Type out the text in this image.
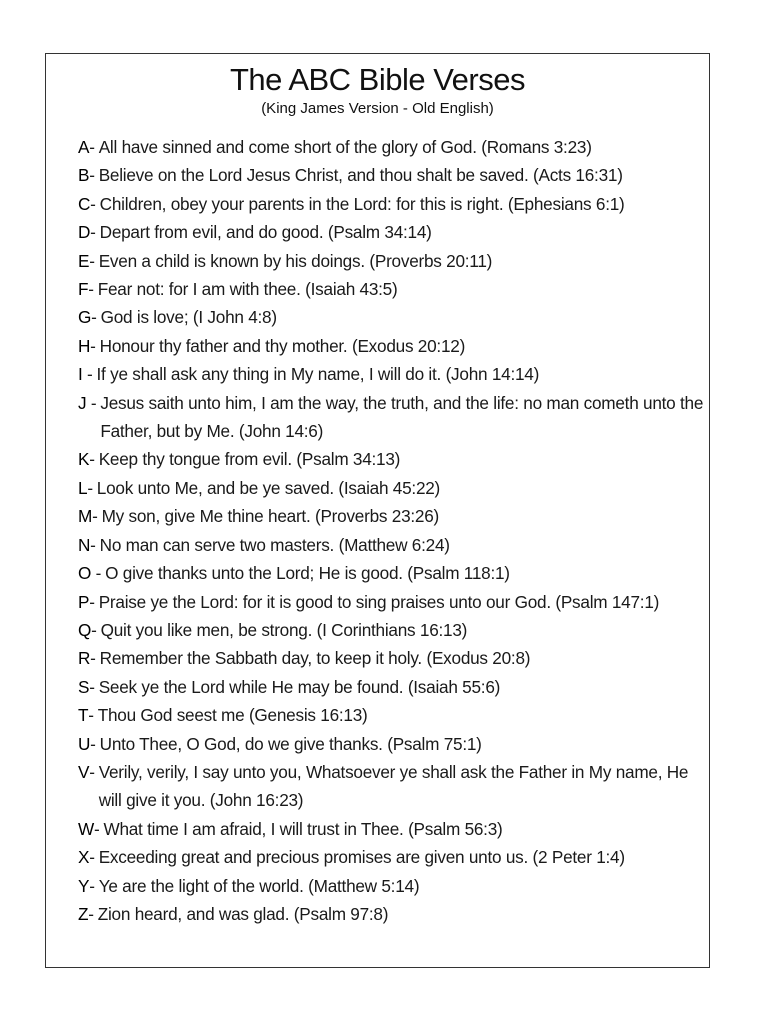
The ABC Bible Verses
(King James Version - Old English)
A - All have sinned and come short of the glory of God. (Romans 3:23)
B - Believe on the Lord Jesus Christ, and thou shalt be saved. (Acts 16:31)
C - Children, obey your parents in the Lord: for this is right. (Ephesians 6:1)
D - Depart from evil, and do good. (Psalm 34:14)
E - Even a child is known by his doings. (Proverbs 20:11)
F - Fear not: for I am with thee. (Isaiah 43:5)
G - God is love; (I John 4:8)
H - Honour thy father and thy mother. (Exodus 20:12)
I - If ye shall ask any thing in My name, I will do it. (John 14:14)
J - Jesus saith unto him, I am the way, the truth, and the life: no man cometh unto the Father, but by Me. (John 14:6)
K - Keep thy tongue from evil. (Psalm 34:13)
L - Look unto Me, and be ye saved. (Isaiah 45:22)
M - My son, give Me thine heart. (Proverbs 23:26)
N - No man can serve two masters. (Matthew 6:24)
O - O give thanks unto the Lord; He is good. (Psalm 118:1)
P - Praise ye the Lord: for it is good to sing praises unto our God. (Psalm 147:1)
Q - Quit you like men, be strong. (I Corinthians 16:13)
R - Remember the Sabbath day, to keep it holy. (Exodus 20:8)
S - Seek ye the Lord while He may be found. (Isaiah 55:6)
T - Thou God seest me (Genesis 16:13)
U - Unto Thee, O God, do we give thanks. (Psalm 75:1)
V - Verily, verily, I say unto you, Whatsoever ye shall ask the Father in My name, He will give it you. (John 16:23)
W - What time I am afraid, I will trust in Thee. (Psalm 56:3)
X - Exceeding great and precious promises are given unto us. (2 Peter 1:4)
Y - Ye are the light of the world. (Matthew 5:14)
Z - Zion heard, and was glad. (Psalm 97:8)
